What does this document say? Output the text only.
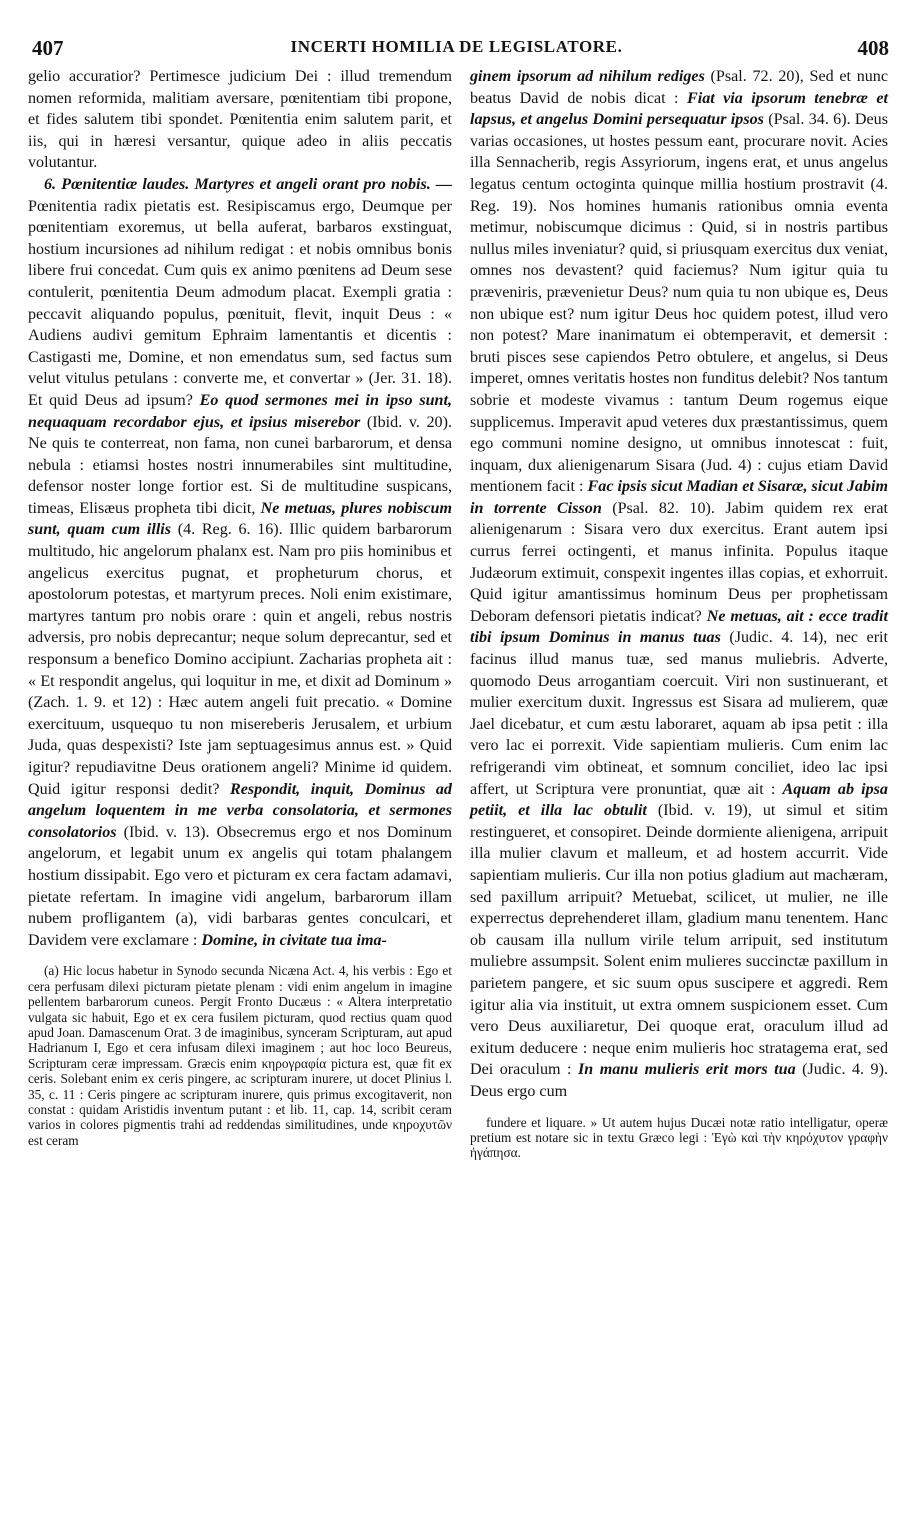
407	INCERTI HOMILIA DE LEGISLATORE.	408

gelio accuratior? Pertimesce judicium Dei : illud tremendum nomen reformida, malitiam aversare, pœnitentiam tibi propone, et fides salutem tibi spondet. Pœnitentia enim salutem parit, et iis, qui in hæresi versantur, quique adeo in aliis peccatis volutantur.

6. Pœnitentiæ laudes. Martyres et angeli orant pro nobis. — Pœnitentia radix pietatis est. Resipiscamus ergo, Deumque per pœnitentiam exoremus, ut bella auferat, barbaros exstinguat, hostium incursiones ad nihilum redigat : et nobis omnibus bonis libere frui concedat. Cum quis ex animo pœnitens ad Deum sese contulerit, pœnitentia Deum admodum placat. Exempli gratia : peccavit aliquando populus, pœnituit, flevit, inquit Deus : « Audiens audivi gemitum Ephraim lamentantis et dicentis : Castigasti me, Domine, et non emendatus sum, sed factus sum velut vitulus petulans : converte me, et convertar » (Jer. 31. 18). Et quid Deus ad ipsum? Eo quod sermones mei in ipso sunt, nequaquam recordabor ejus, et ipsius miserebor (Ibid. v. 20). Ne quis te conterreat, non fama, non cunei barbarorum, et densa nebula : etiamsi hostes nostri innumerabiles sint multitudine, defensor noster longe fortior est. Si de multitudine suspicans, timeas, Elisæus propheta tibi dicit, Ne metuas, plures nobiscum sunt, quam cum illis (4. Reg. 6. 16). Illic quidem barbarorum multitudo, hic angelorum phalanx est. Nam pro piis hominibus et angelicus exercitus pugnat, et propheturum chorus, et apostolorum potestas, et martyrum preces. Noli enim existimare, martyres tantum pro nobis orare : quin et angeli, rebus nostris adversis, pro nobis deprecantur; neque solum deprecantur, sed et responsum a benefico Domino accipiunt. Zacharias propheta ait : « Et respondit angelus, qui loquitur in me, et dixit ad Dominum » (Zach. 1. 9. et 12) : Hæc autem angeli fuit precatio. « Domine exercituum, usquequo tu non misereberis Jerusalem, et urbium Juda, quas despexisti? Iste jam septuagesimus annus est. » Quid igitur? repudiavitne Deus orationem angeli? Minime id quidem. Quid igitur responsi dedit? Respondit, inquit, Dominus ad angelum loquentem in me verba consolatoria, et sermones consolatorios (Ibid. v. 13). Obsecremus ergo et nos Dominum angelorum, et legabit unum ex angelis qui totam phalangem hostium dissipabit. Ego vero et picturam ex cera factam adamavi, pietate refertam. In imagine vidi angelum, barbarorum illam nubem profligantem (a), vidi barbaras gentes conculcari, et Davidem vere exclamare : Domine, in civitate tua ima-

(a) Hic locus habetur in Synodo secunda Nicæna Act. 4, his verbis : Ego et cera perfusam dilexi picturam pietate plenam : vidi enim angelum in imagine pellentem barbarorum cuneos. Pergit Fronto Ducæus : « Altera interpretatio vulgata sic habuit, Ego et ex cera fusilem picturam, quod rectius quam quod apud Joan. Damascenum Orat. 3 de imaginibus, synceram Scripturam, aut apud Hadrianum I, Ego et cera infusam dilexi imaginem ; aut hoc loco Beureus, Scripturam ceræ impressam. Græcis enim κηρογραφία pictura est, quæ fit ex ceris. Solebant enim ex ceris pingere, ac scripturam inurere, ut docet Plinius l. 35, c. 11 : Ceris pingere ac scripturam inurere, quis primus excogitaverit, non constat : quidam Aristidis inventum putant : et lib. 11, cap. 14, scribit ceram varios in colores pigmentis trahi ad reddendas similitudines, unde κηροχυτῶν est ceram

ginem ipsorum ad nihilum rediges (Psal. 72. 20), Sed et nunc beatus David de nobis dicat : Fiat via ipsorum tenebræ et lapsus, et angelus Domini persequatur ipsos (Psal. 34. 6). Deus varias occasiones, ut hostes pessum eant, procurare novit. Acies illa Sennacherib, regis Assyriorum, ingens erat, et unus angelus legatus centum octoginta quinque millia hostium prostravit (4. Reg. 19). Nos homines humanis rationibus omnia eventa metimur, nobiscumque dicimus : Quid, si in nostris partibus nullus miles inveniatur? quid, si priusquam exercitus dux veniat, omnes nos devastent? quid faciemus? Num igitur quia tu præveniris, prævenietur Deus? num quia tu non ubique es, Deus non ubique est? num igitur Deus hoc quidem potest, illud vero non potest? Mare inanimatum ei obtemperavit, et demersit : bruti pisces sese capiendos Petro obtulere, et angelus, si Deus imperet, omnes veritatis hostes non funditus delebit? Nos tantum sobrie et modeste vivamus : tantum Deum rogemus eique supplicemus. Imperavit apud veteres dux præstantissimus, quem ego communi nomine designo, ut omnibus innotescat : fuit, inquam, dux alienigenarum Sisara (Jud. 4) : cujus etiam David mentionem facit : Fac ipsis sicut Madian et Sisaræ, sicut Jabim in torrente Cisson (Psal. 82. 10). Jabim quidem rex erat alienigenarum : Sisara vero dux exercitus. Erant autem ipsi currus ferrei octingenti, et manus infinita. Populus itaque Judæorum extimuit, conspexit ingentes illas copias, et exhorruit. Quid igitur amantissimus hominum Deus per prophetissam Deboram defensori pietatis indicat? Ne metuas, ait : ecce tradit tibi ipsum Dominus in manus tuas (Judic. 4. 14), nec erit facinus illud manus tuæ, sed manus muliebris. Adverte, quomodo Deus arrogantiam coercuit. Viri non sustinuerant, et mulier exercitum duxit. Ingressus est Sisara ad mulierem, quæ Jael dicebatur, et cum æstu laboraret, aquam ab ipsa petit : illa vero lac ei porrexit. Vide sapientiam mulieris. Cum enim lac refrigerandi vim obtineat, et somnum conciliet, ideo lac ipsi affert, ut Scriptura vere pronuntiat, quæ ait : Aquam ab ipsa petiit, et illa lac obtulit (Ibid. v. 19), ut simul et sitim restingueret, et consopiret. Deinde dormiente alienigena, arripuit illa mulier clavum et malleum, et ad hostem accurrit. Vide sapientiam mulieris. Cur illa non potius gladium aut machæram, sed paxillum arripuit? Metuebat, scilicet, ut mulier, ne ille experrectus deprehenderet illam, gladium manu tenentem. Hanc ob causam illa nullum virile telum arripuit, sed institutum muliebre assumpsit. Solent enim mulieres succinctæ paxillum in parietem pangere, et sic suum opus suscipere et aggredi. Rem igitur alia via instituit, ut extra omnem suspicionem esset. Cum vero Deus auxiliaretur, Dei quoque erat, oraculum illud ad exitum deducere : neque enim mulieris hoc stratagema erat, sed Dei oraculum : In manu mulieris erit mors tua (Judic. 4. 9). Deus ergo cum

fundere et liquare. » Ut autem hujus Ducæi notæ ratio intelligatur, operæ pretium est notare sic in textu Græco legi : Ἐγὼ καὶ τὴν κηρόχυτον γραφὴν ἠγάπησα.
